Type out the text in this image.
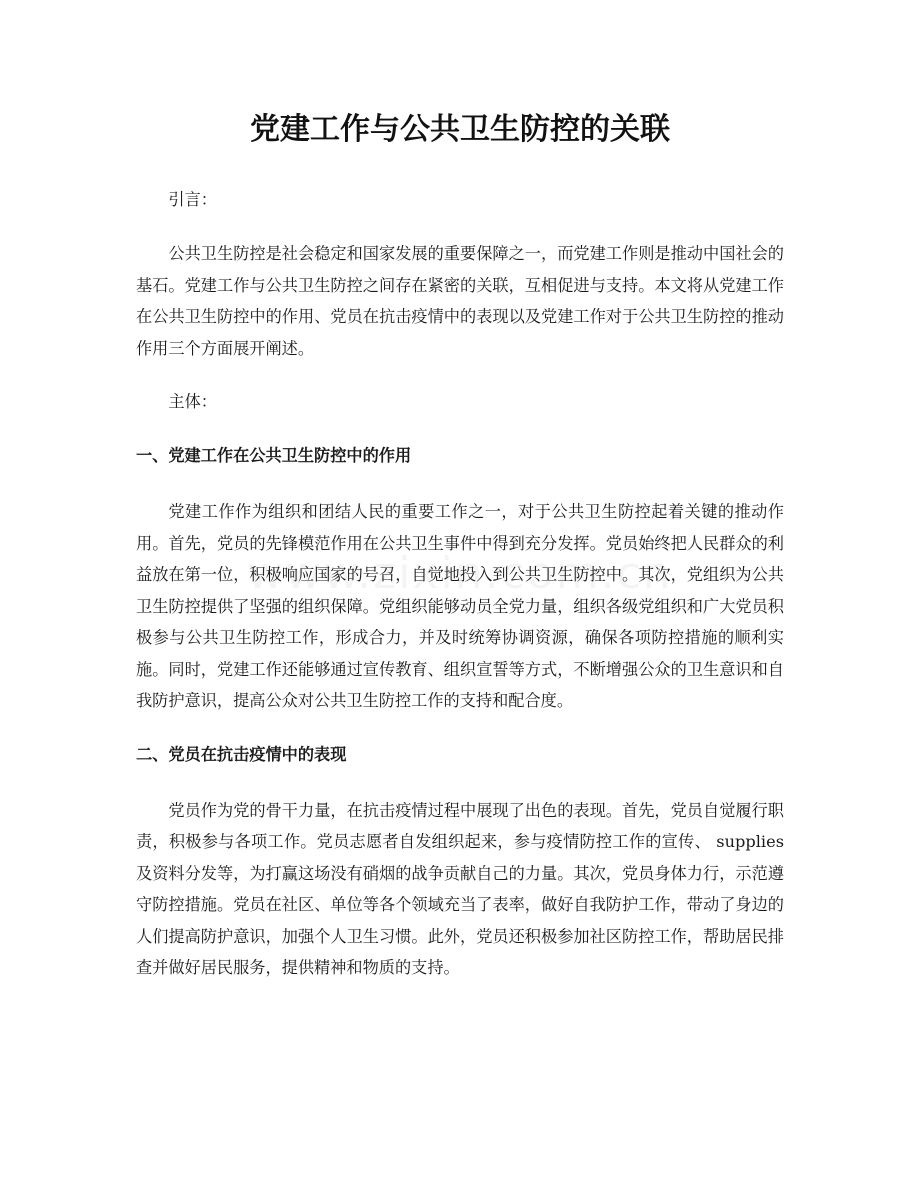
党建工作与公共卫生防控的关联

引言：

公共卫生防控是社会稳定和国家发展的重要保障之一，而党建工作则是推动中国社会的基石。党建工作与公共卫生防控之间存在紧密的关联，互相促进与支持。本文将从党建工作在公共卫生防控中的作用、党员在抗击疫情中的表现以及党建工作对于公共卫生防控的推动作用三个方面展开阐述。

主体：

一、党建工作在公共卫生防控中的作用

党建工作作为组织和团结人民的重要工作之一，对于公共卫生防控起着关键的推动作用。首先，党员的先锋模范作用在公共卫生事件中得到充分发挥。党员始终把人民群众的利益放在第一位，积极响应国家的号召，自觉地投入到公共卫生防控中。其次，党组织为公共卫生防控提供了坚强的组织保障。党组织能够动员全党力量，组织各级党组织和广大党员积极参与公共卫生防控工作，形成合力，并及时统筹协调资源，确保各项防控措施的顺利实施。同时，党建工作还能够通过宣传教育、组织宣誓等方式，不断增强公众的卫生意识和自我防护意识，提高公众对公共卫生防控工作的支持和配合度。

二、党员在抗击疫情中的表现

党员作为党的骨干力量，在抗击疫情过程中展现了出色的表现。首先，党员自觉履行职责，积极参与各项工作。党员志愿者自发组织起来，参与疫情防控工作的宣传、 supplies及资料分发等，为打赢这场没有硝烟的战争贡献自己的力量。其次，党员身体力行，示范遵守防控措施。党员在社区、单位等各个领域充当了表率，做好自我防护工作，带动了身边的人们提高防护意识，加强个人卫生习惯。此外，党员还积极参加社区防控工作，帮助居民排查并做好居民服务，提供精神和物质的支持。
